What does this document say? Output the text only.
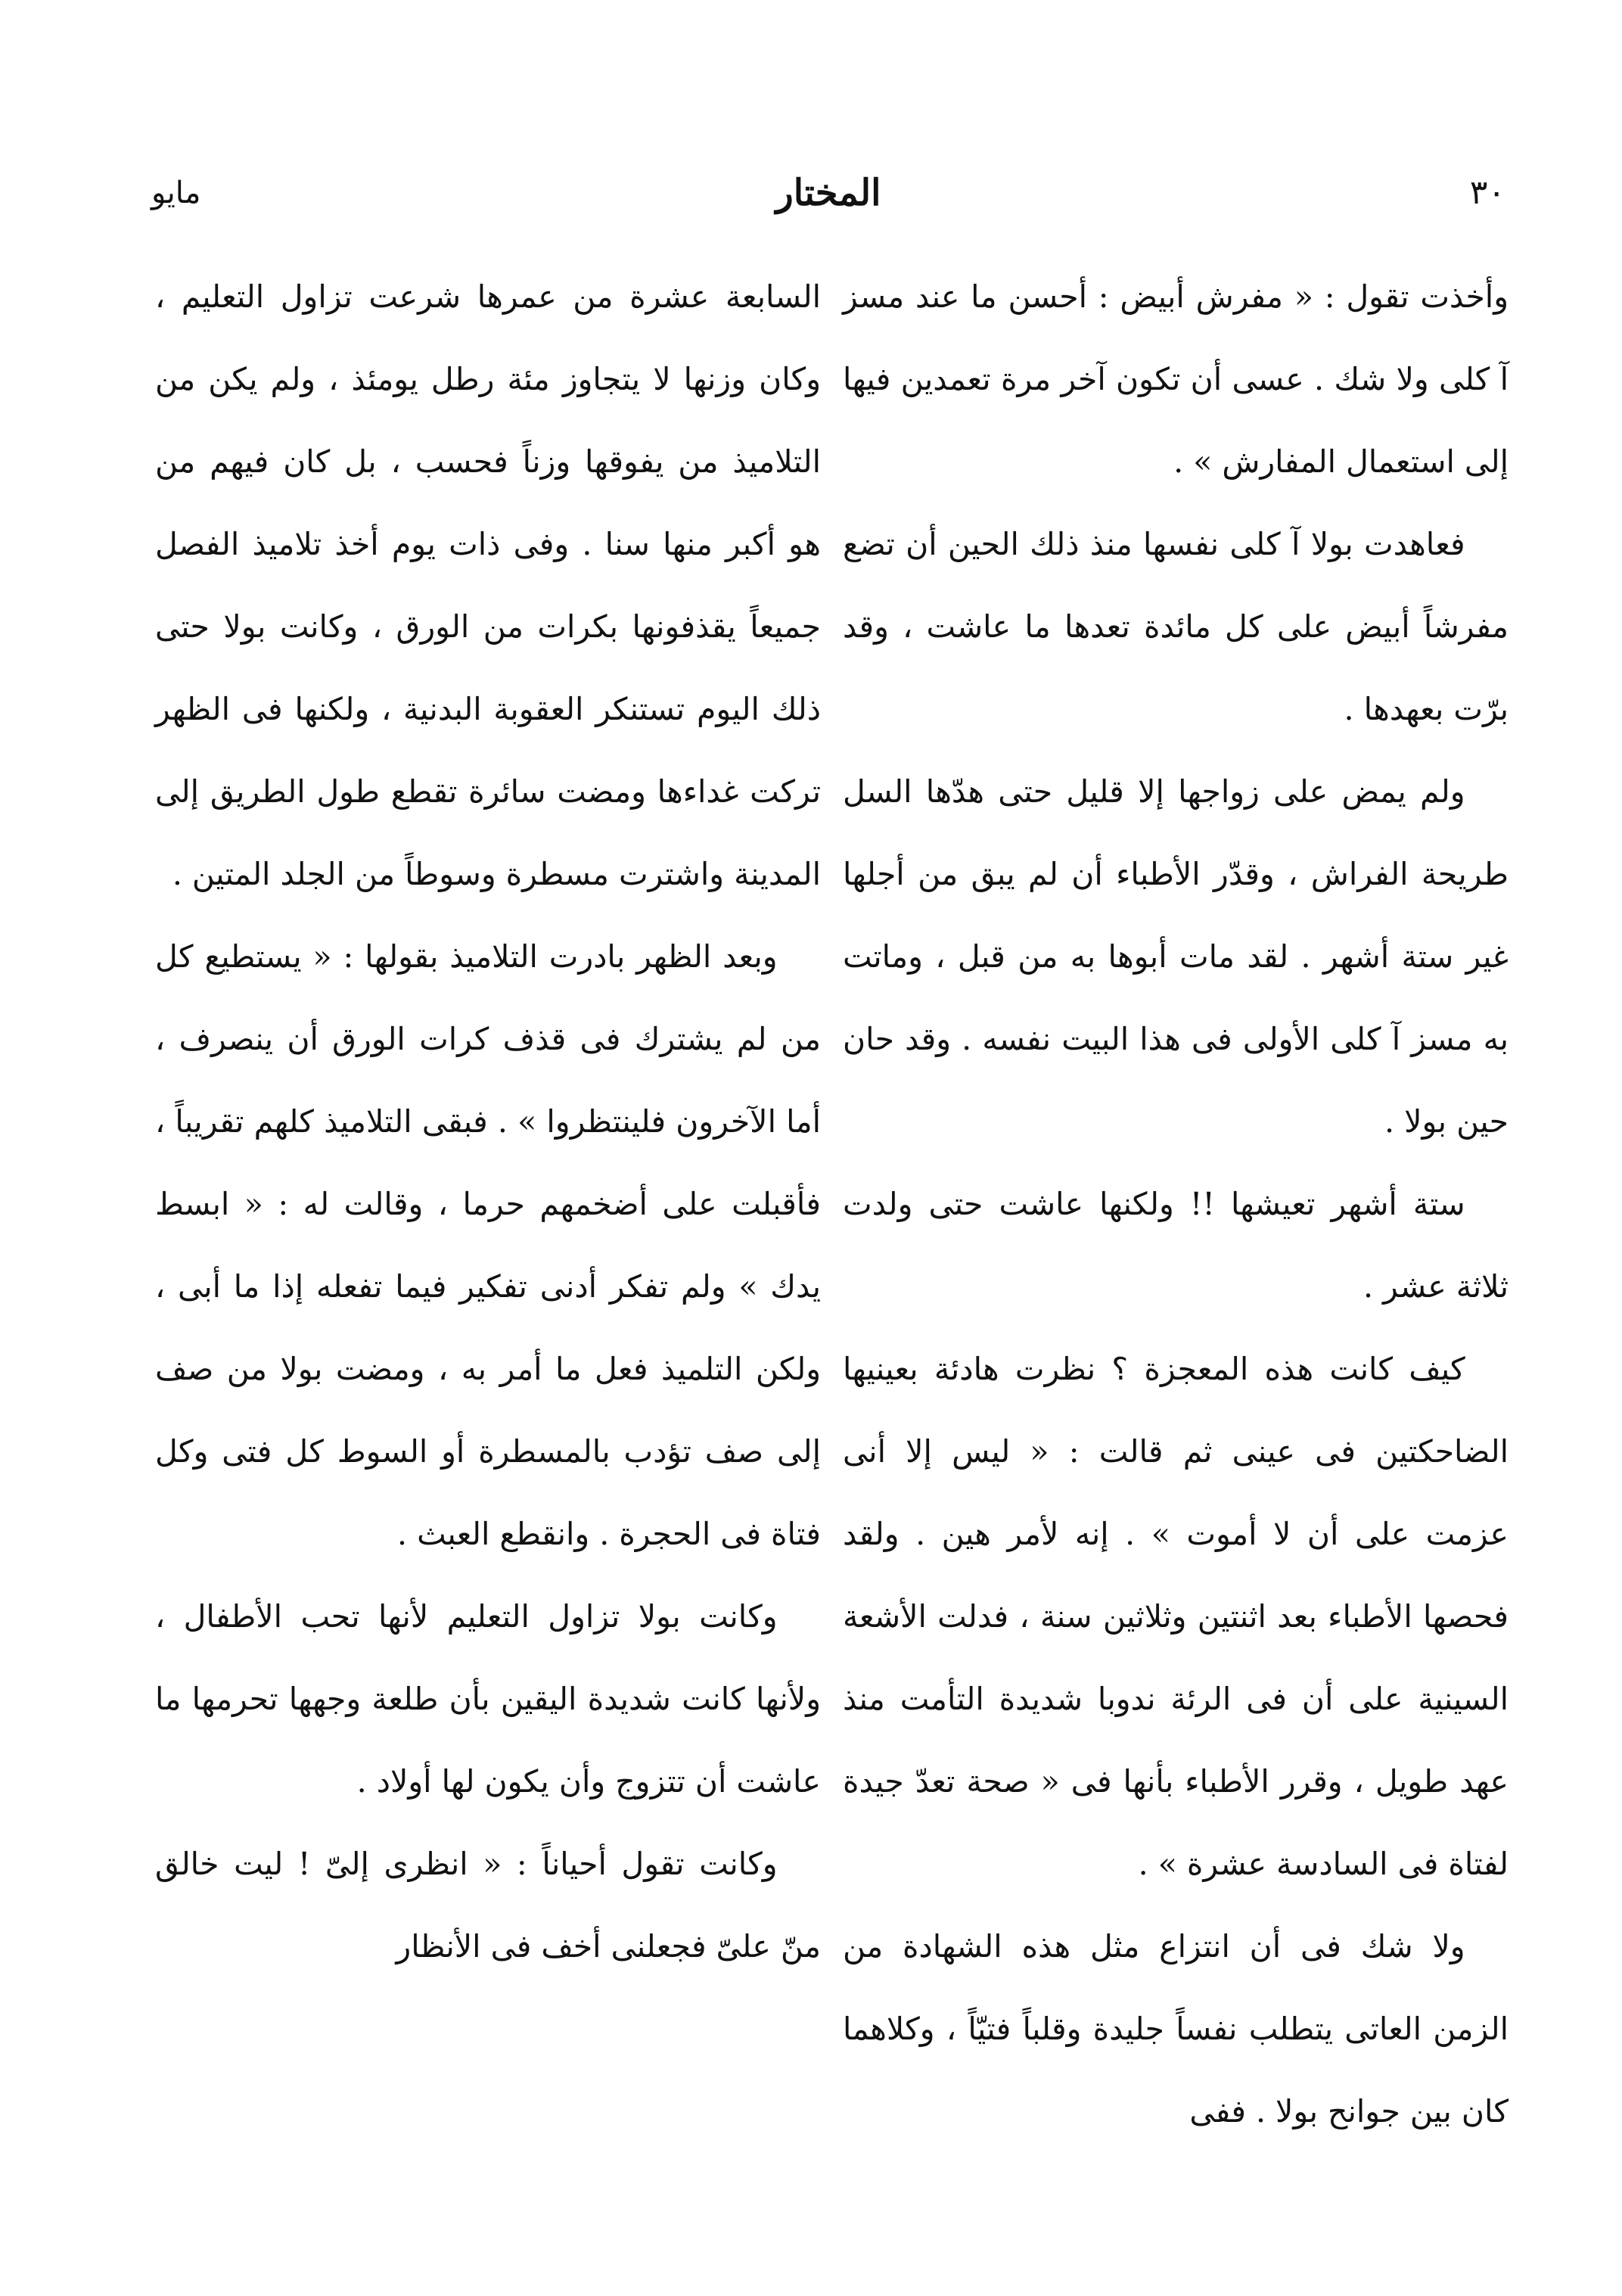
مايو	المختار	٣٠

وأخذت تقول : « مفرش أبيض : أحسن ما عند مسز آ كلى ولا شك . عسى أن تكون آخر مرة تعمدين فيها إلى استعمال المفارش » .

فعاهدت بولا آ كلى نفسها منذ ذلك الحين أن تضع مفرشاً أبيض على كل مائدة تعدها ما عاشت ، وقد برّت بعهدها .

ولم يمض على زواجها إلا قليل حتى هدّها السل طريحة الفراش ، وقدّر الأطباء أن لم يبق من أجلها غير ستة أشهر . لقد مات أبوها به من قبل ، وماتت به مسز آ كلى الأولى فى هذا البيت نفسه . وقد حان حين بولا .

ستة أشهر تعيشها !! ولكنها عاشت حتى ولدت ثلاثة عشر .

كيف كانت هذه المعجزة ؟ نظرت هادئة بعينيها الضاحكتين فى عينى ثم قالت : « ليس إلا أنى عزمت على أن لا أموت » . إنه لأمر هين . ولقد فحصها الأطباء بعد اثنتين وثلاثين سنة ، فدلت الأشعة السينية على أن فى الرئة ندوبا شديدة التأمت منذ عهد طويل ، وقرر الأطباء بأنها فى « صحة تعدّ جيدة لفتاة فى السادسة عشرة » .

ولا شك فى أن انتزاع مثل هذه الشهادة من الزمن العاتى يتطلب نفساً جليدة وقلباً فتيّاً ، وكلاهما كان بين جوانح بولا . ففى

السابعة عشرة من عمرها شرعت تزاول التعليم ، وكان وزنها لا يتجاوز مئة رطل يومئذ ، ولم يكن من التلاميذ من يفوقها وزناً فحسب ، بل كان فيهم من هو أكبر منها سنا . وفى ذات يوم أخذ تلاميذ الفصل جميعاً يقذفونها بكرات من الورق ، وكانت بولا حتى ذلك اليوم تستنكر العقوبة البدنية ، ولكنها فى الظهر تركت غداءها ومضت سائرة تقطع طول الطريق إلى المدينة واشترت مسطرة وسوطاً من الجلد المتين .

وبعد الظهر بادرت التلاميذ بقولها : « يستطيع كل من لم يشترك فى قذف كرات الورق أن ينصرف ، أما الآخرون فلينتظروا » . فبقى التلاميذ كلهم تقريباً ، فأقبلت على أضخمهم حرما ، وقالت له : « ابسط يدك » ولم تفكر أدنى تفكير فيما تفعله إذا ما أبى ، ولكن التلميذ فعل ما أمر به ، ومضت بولا من صف إلى صف تؤدب بالمسطرة أو السوط كل فتى وكل فتاة فى الحجرة . وانقطع العبث .

وكانت بولا تزاول التعليم لأنها تحب الأطفال ، ولأنها كانت شديدة اليقين بأن طلعة وجهها تحرمها ما عاشت أن تتزوج وأن يكون لها أولاد .

وكانت تقول أحياناً : « انظرى إلىّ ! ليت خالق منّ علىّ فجعلنى أخف فى الأنظار
